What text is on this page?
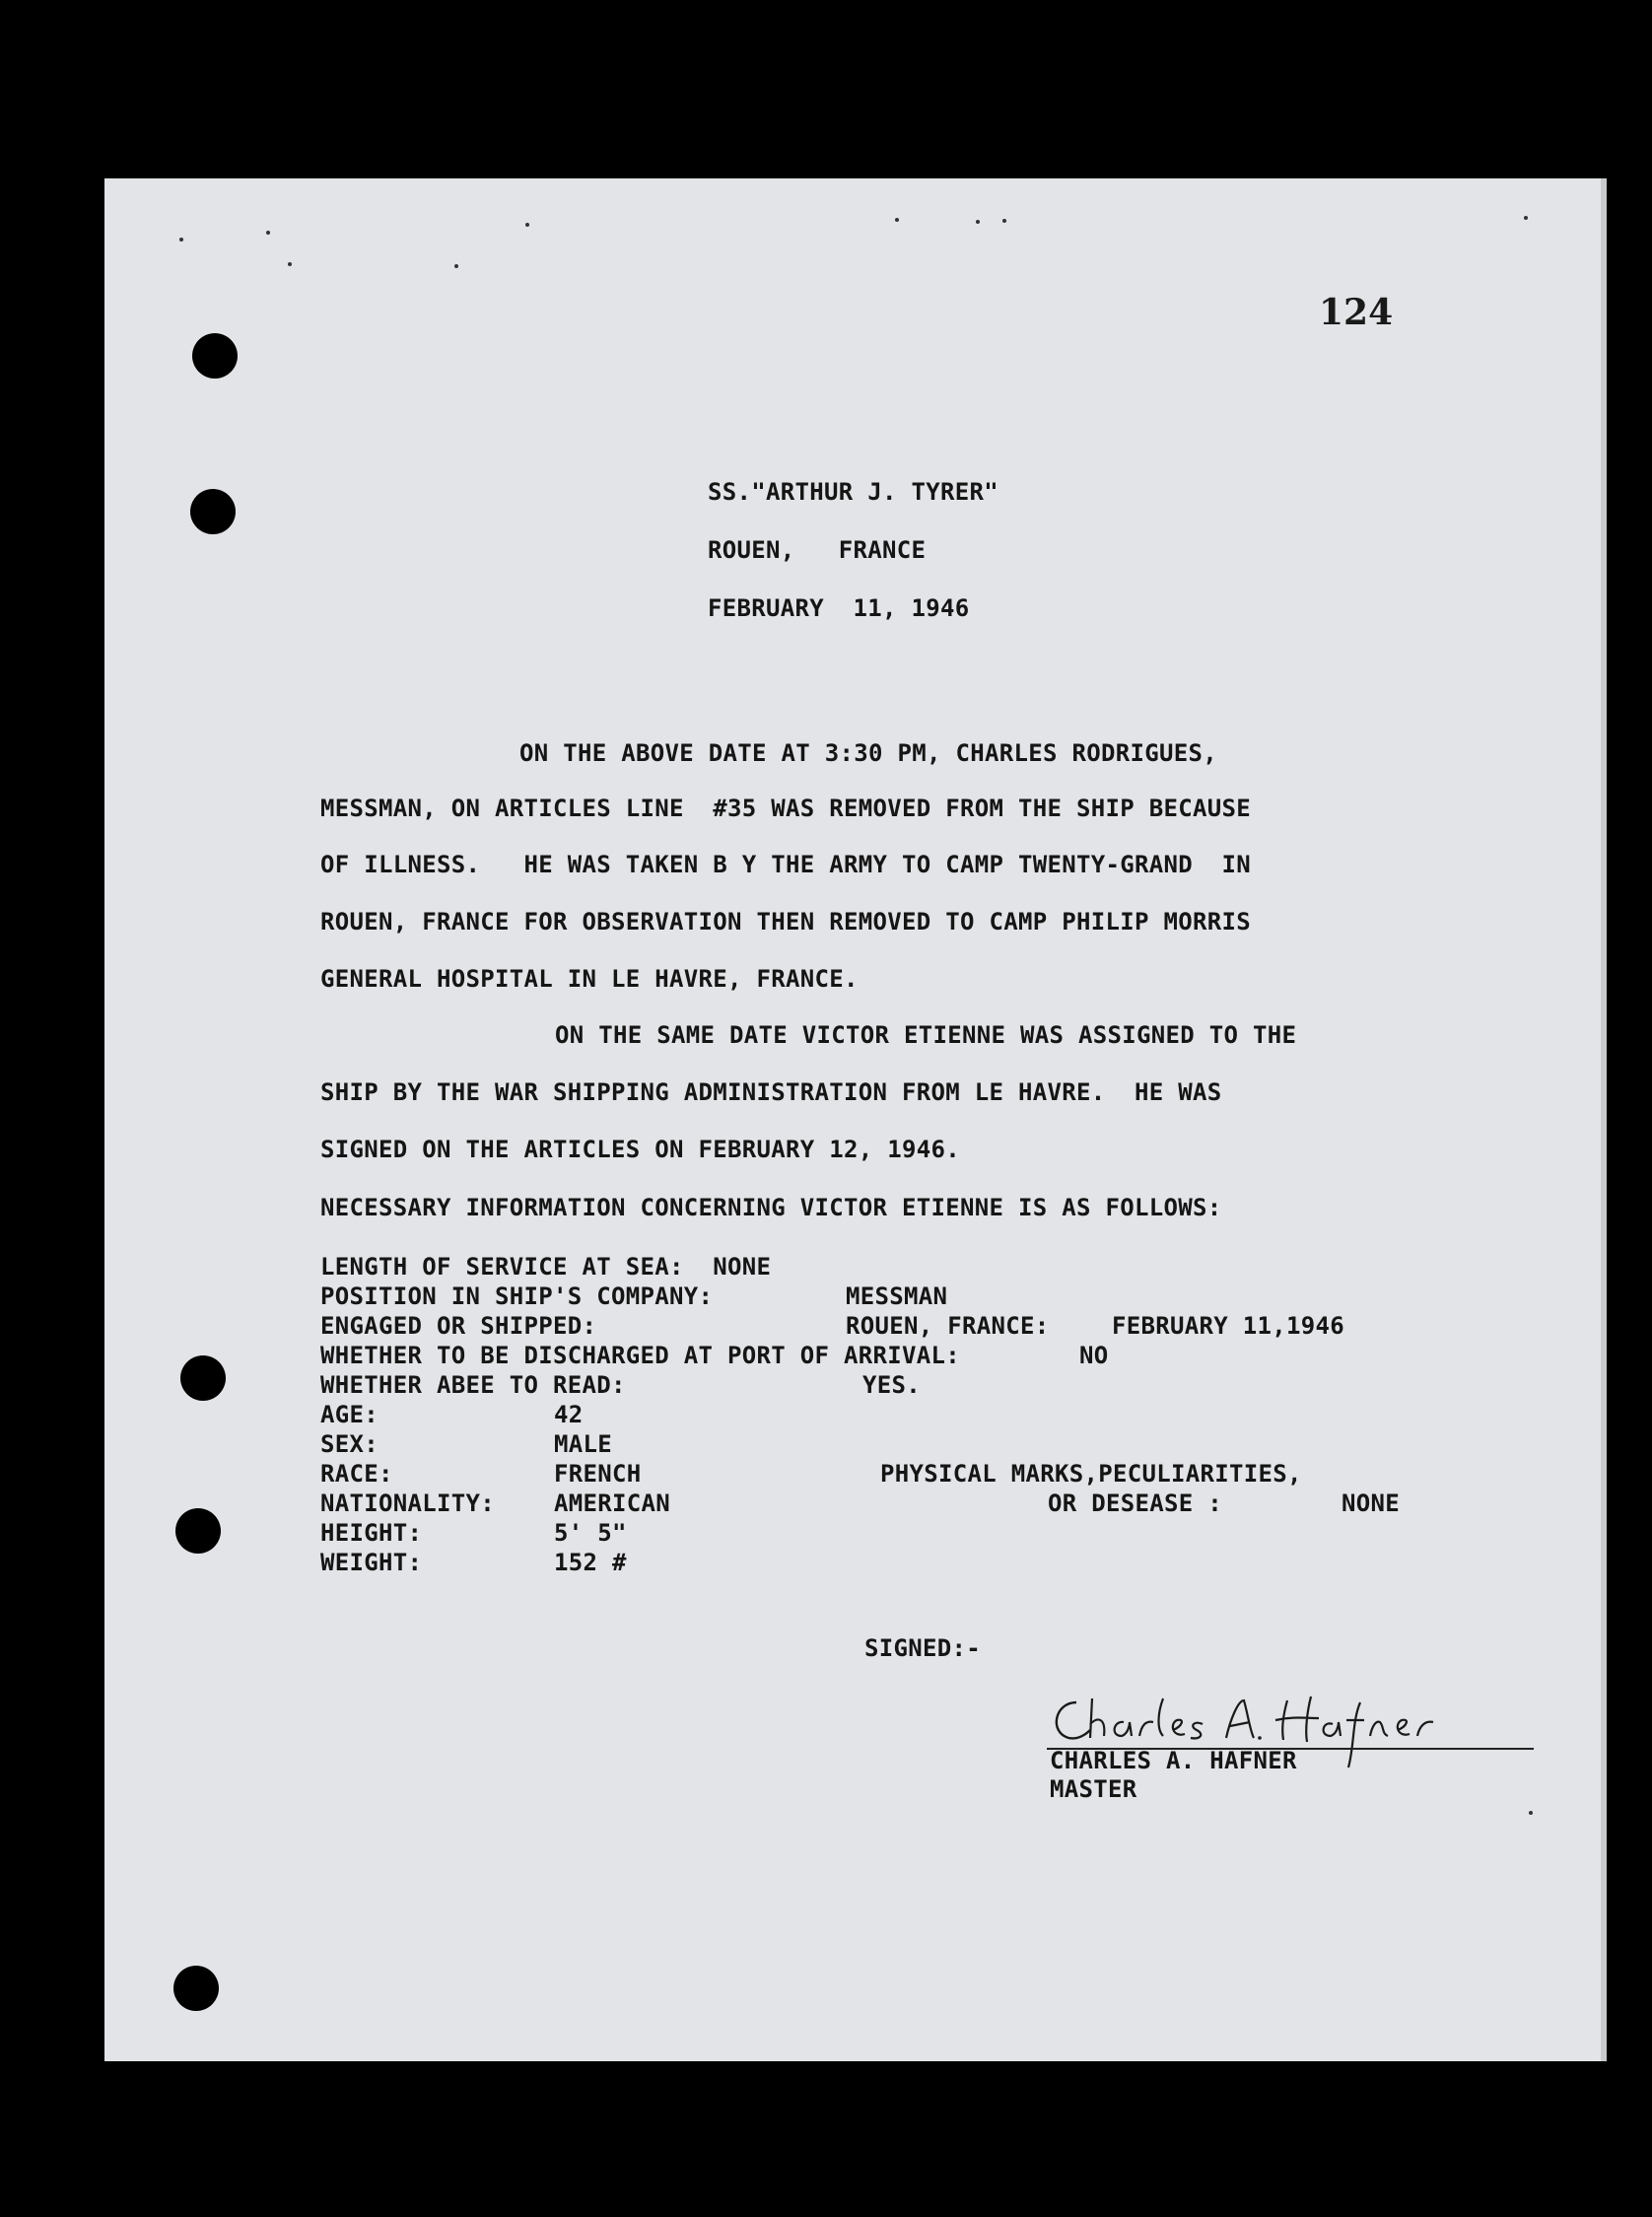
124
SS."ARTHUR J. TYRER"
ROUEN,   FRANCE
FEBRUARY  11, 1946
ON THE ABOVE DATE AT 3:30 PM, CHARLES RODRIGUES,
MESSMAN, ON ARTICLES LINE  #35 WAS REMOVED FROM THE SHIP BECAUSE
OF ILLNESS.   HE WAS TAKEN B Y THE ARMY TO CAMP TWENTY-GRAND  IN
ROUEN, FRANCE FOR OBSERVATION THEN REMOVED TO CAMP PHILIP MORRIS
GENERAL HOSPITAL IN LE HAVRE, FRANCE.
ON THE SAME DATE VICTOR ETIENNE WAS ASSIGNED TO THE
SHIP BY THE WAR SHIPPING ADMINISTRATION FROM LE HAVRE.  HE WAS
SIGNED ON THE ARTICLES ON FEBRUARY 12, 1946.
NECESSARY INFORMATION CONCERNING VICTOR ETIENNE IS AS FOLLOWS:
LENGTH OF SERVICE AT SEA:  NONE
POSITION IN SHIP'S COMPANY:	MESSMAN
ENGAGED OR SHIPPED:	ROUEN, FRANCE:	FEBRUARY 11,1946
WHETHER TO BE DISCHARGED AT PORT OF ARRIVAL:	NO
WHETHER ABEE TO READ:	YES.
AGE:	42
SEX:	MALE
RACE:	FRENCH	PHYSICAL MARKS,PECULIARITIES,
NATIONALITY:	AMERICAN	OR DESEASE :	NONE
HEIGHT:	5' 5"
WEIGHT:	152 #
SIGNED:-
CHARLES A. HAFNER
MASTER
